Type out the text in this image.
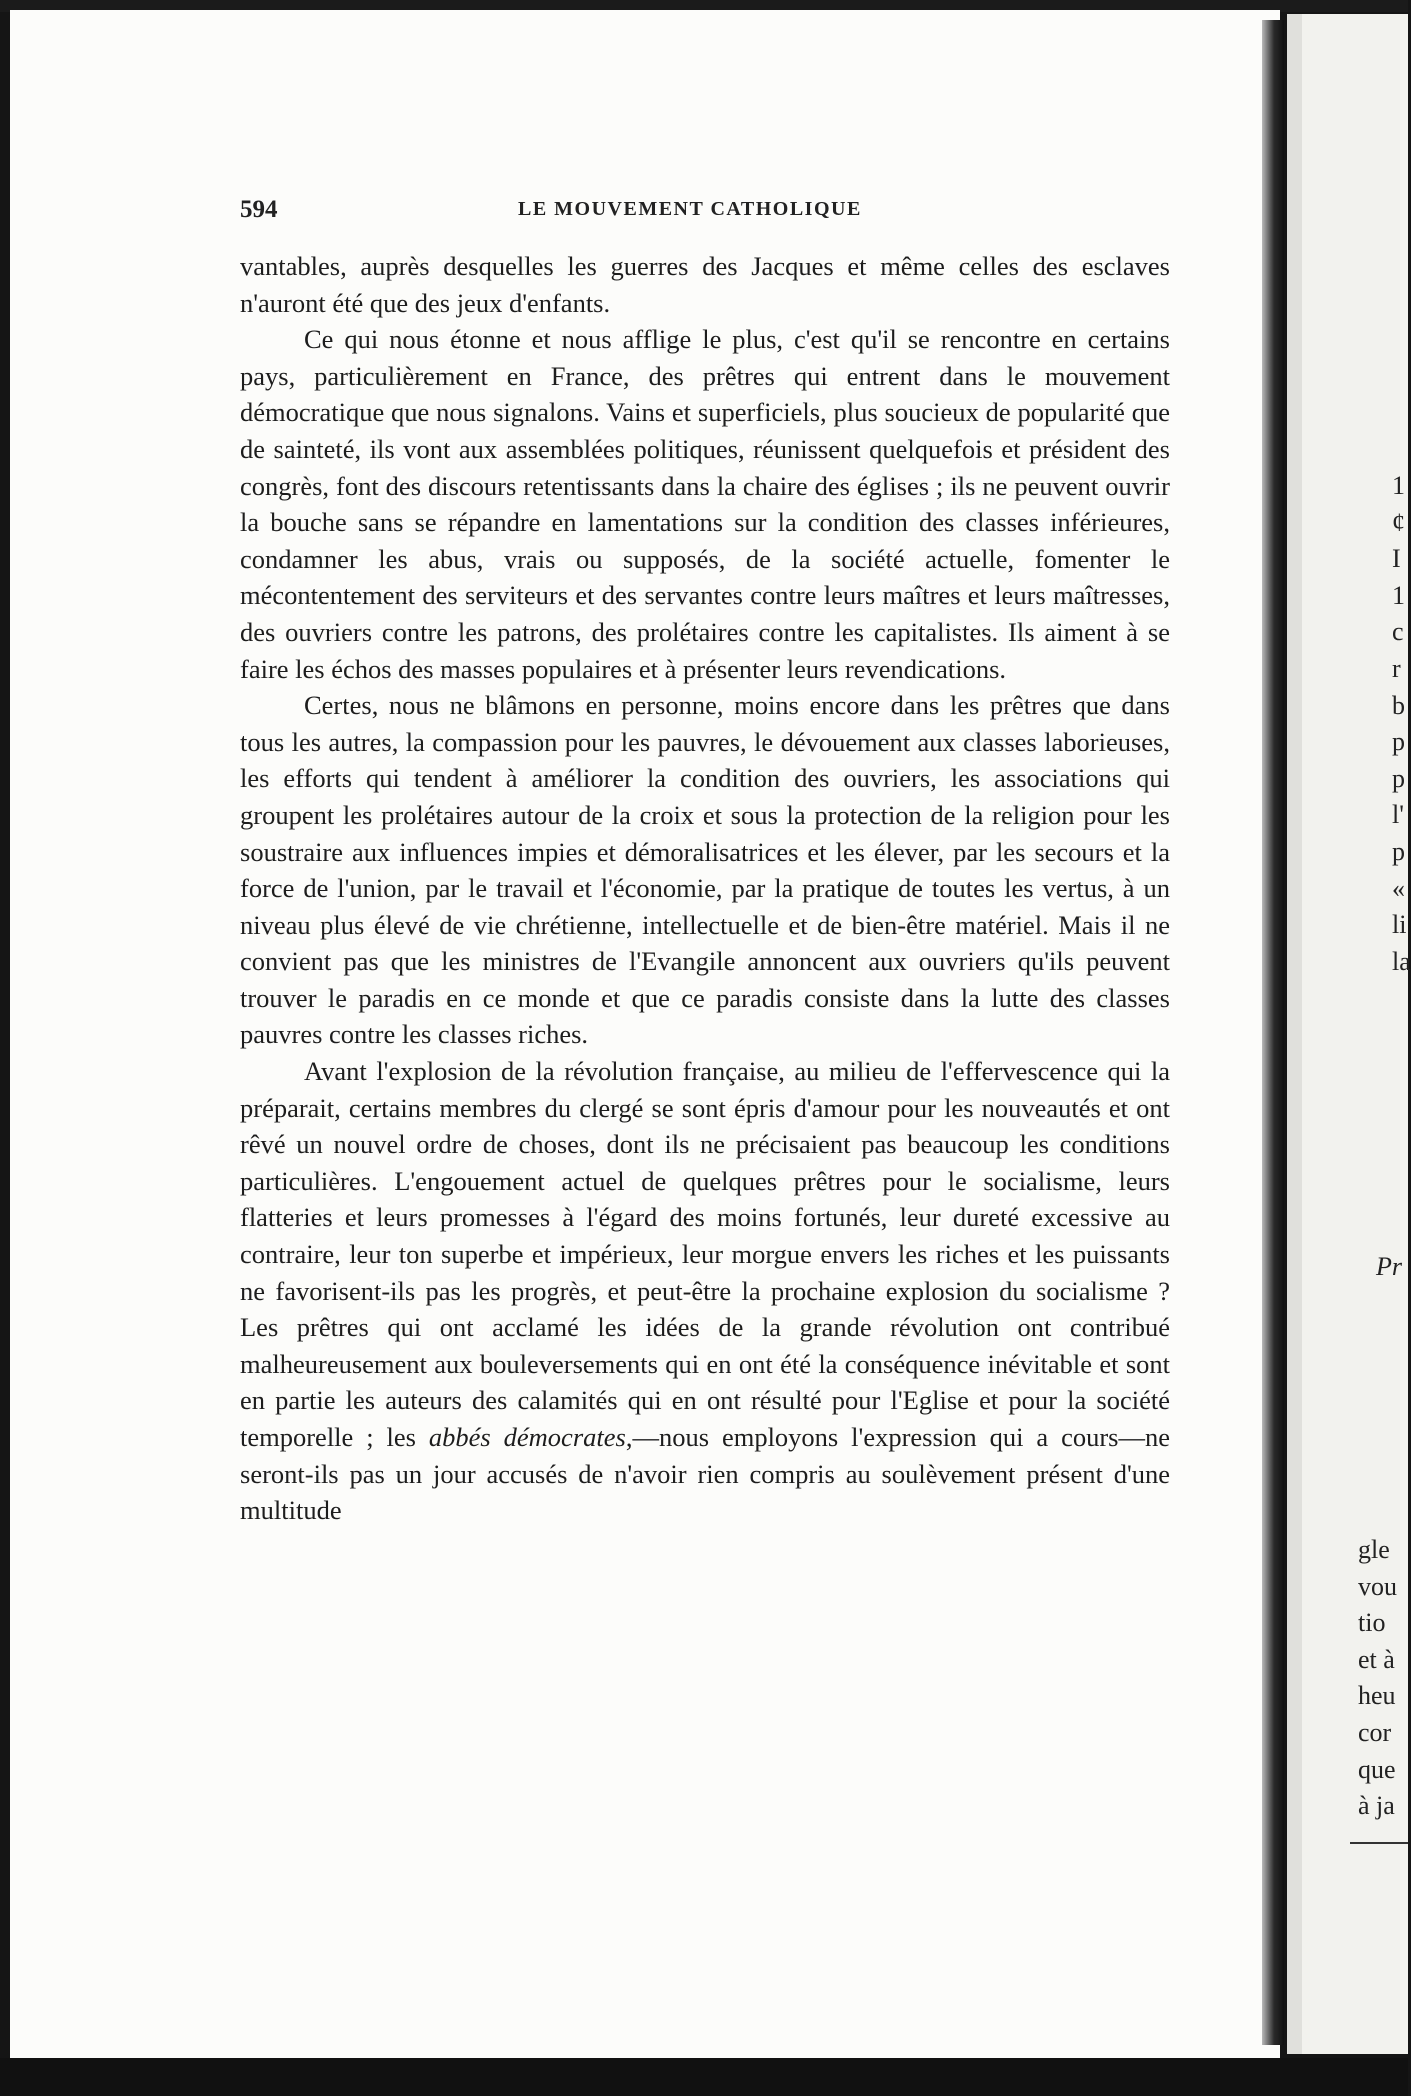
594	LE MOUVEMENT CATHOLIQUE

vantables, auprès desquelles les guerres des Jacques et même celles des esclaves n'auront été que des jeux d'enfants.

Ce qui nous étonne et nous afflige le plus, c'est qu'il se rencontre en certains pays, particulièrement en France, des prêtres qui entrent dans le mouvement démocratique que nous signalons. Vains et superficiels, plus soucieux de popularité que de sainteté, ils vont aux assemblées politiques, réunissent quelquefois et président des congrès, font des discours retentissants dans la chaire des églises ; ils ne peuvent ouvrir la bouche sans se répandre en lamentations sur la condition des classes inférieures, condamner les abus, vrais ou supposés, de la société actuelle, fomenter le mécontentement des serviteurs et des servantes contre leurs maîtres et leurs maîtresses, des ouvriers contre les patrons, des prolétaires contre les capitalistes. Ils aiment à se faire les échos des masses populaires et à présenter leurs revendications.

Certes, nous ne blâmons en personne, moins encore dans les prêtres que dans tous les autres, la compassion pour les pauvres, le dévouement aux classes laborieuses, les efforts qui tendent à améliorer la condition des ouvriers, les associations qui groupent les prolétaires autour de la croix et sous la protection de la religion pour les soustraire aux influences impies et démoralisatrices et les élever, par les secours et la force de l'union, par le travail et l'économie, par la pratique de toutes les vertus, à un niveau plus élevé de vie chrétienne, intellectuelle et de bien-être matériel. Mais il ne convient pas que les ministres de l'Evangile annoncent aux ouvriers qu'ils peuvent trouver le paradis en ce monde et que ce paradis consiste dans la lutte des classes pauvres contre les classes riches.

Avant l'explosion de la révolution française, au milieu de l'effervescence qui la préparait, certains membres du clergé se sont épris d'amour pour les nouveautés et ont rêvé un nouvel ordre de choses, dont ils ne précisaient pas beaucoup les conditions particulières. L'engouement actuel de quelques prêtres pour le socialisme, leurs flatteries et leurs promesses à l'égard des moins fortunés, leur dureté excessive au contraire, leur ton superbe et impérieux, leur morgue envers les riches et les puissants ne favorisent-ils pas les progrès, et peut-être la prochaine explosion du socialisme ? Les prêtres qui ont acclamé les idées de la grande révolution ont contribué malheureusement aux bouleversements qui en ont été la conséquence inévitable et sont en partie les auteurs des calamités qui en ont résulté pour l'Eglise et pour la société temporelle ; les abbés démocrates,—nous employons l'expression qui a cours—ne seront-ils pas un jour accusés de n'avoir rien compris au soulèvement présent d'une multitude

1
¢
I
1
c
r
b
p
p
l'
p
«
li
la
Pr
gle
vou
tio
et à
heu
cor
que
à ja
